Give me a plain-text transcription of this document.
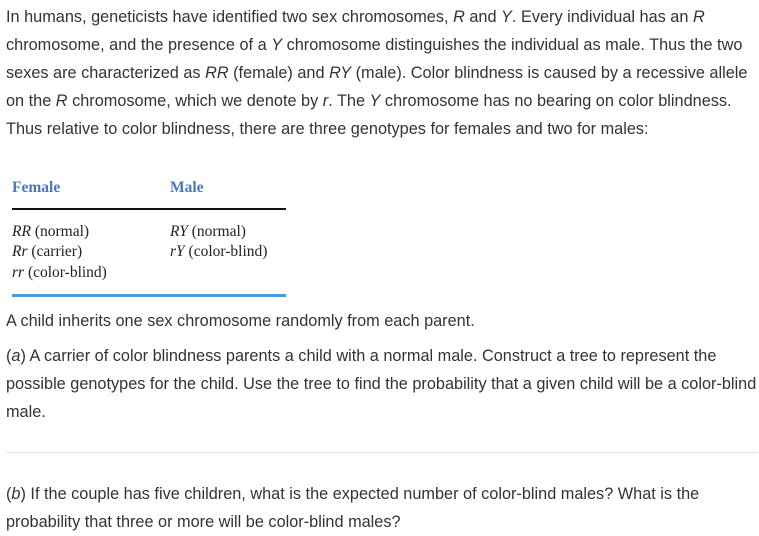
In humans, geneticists have identified two sex chromosomes, R and Y. Every individual has an R chromosome, and the presence of a Y chromosome distinguishes the individual as male. Thus the two sexes are characterized as RR (female) and RY (male). Color blindness is caused by a recessive allele on the R chromosome, which we denote by r. The Y chromosome has no bearing on color blindness. Thus relative to color blindness, there are three genotypes for females and two for males:

Female	Male
RR (normal)
Rr (carrier)
rr (color-blind)
RY (normal)
rY (color-blind)

A child inherits one sex chromosome randomly from each parent.

(a) A carrier of color blindness parents a child with a normal male. Construct a tree to represent the possible genotypes for the child. Use the tree to find the probability that a given child will be a color-blind male.

(b) If the couple has five children, what is the expected number of color-blind males? What is the probability that three or more will be color-blind males?
